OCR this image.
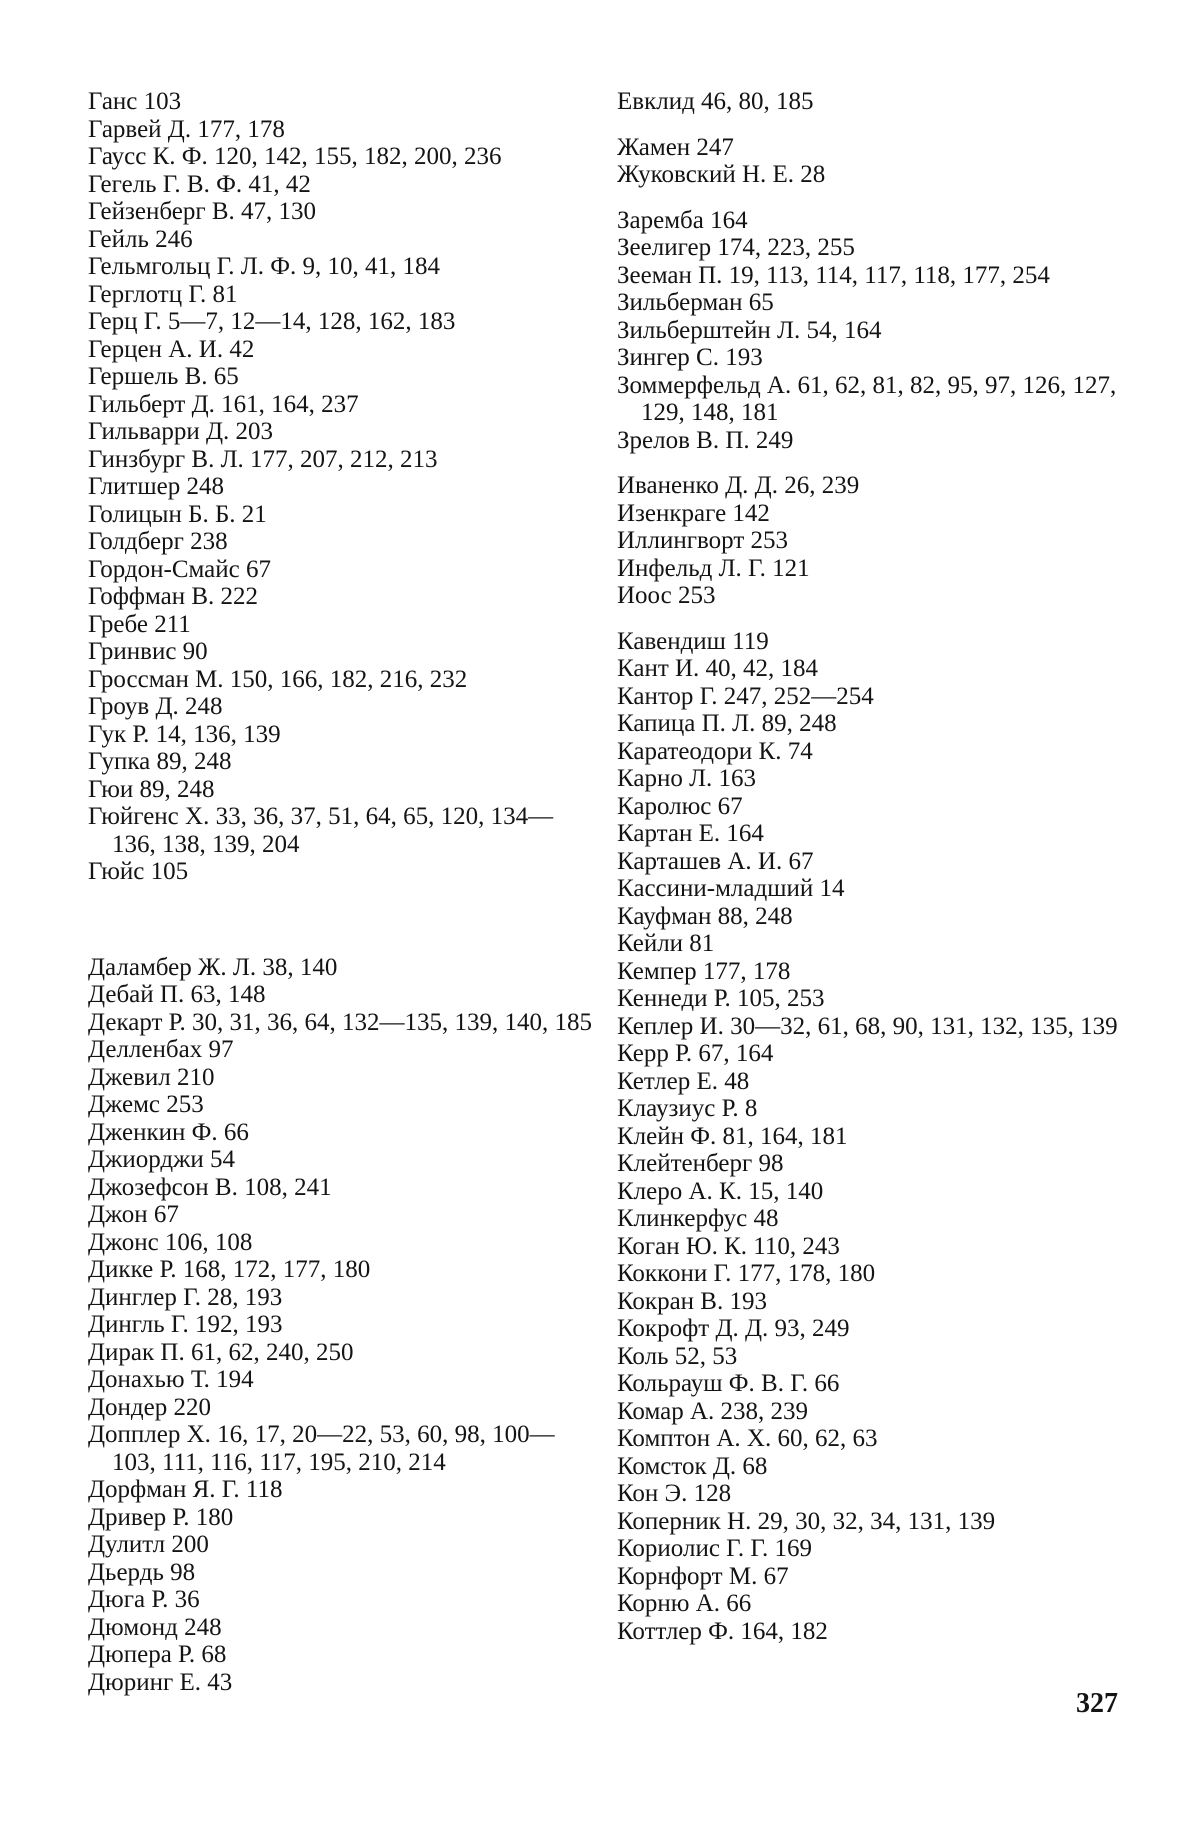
Ганс 103
Гарвей Д. 177, 178
Гаусс К. Ф. 120, 142, 155, 182, 200, 236
Гегель Г. В. Ф. 41, 42
Гейзенберг В. 47, 130
Гейль 246
Гельмгольц Г. Л. Ф. 9, 10, 41, 184
Герглотц Г. 81
Герц Г. 5—7, 12—14, 128, 162, 183
Герцен А. И. 42
Гершель В. 65
Гильберт Д. 161, 164, 237
Гильварри Д. 203
Гинзбург В. Л. 177, 207, 212, 213
Глитшер 248
Голицын Б. Б. 21
Голдберг 238
Гордон-Смайс 67
Гоффман В. 222
Гребе 211
Гринвис 90
Гроссман М. 150, 166, 182, 216, 232
Гроув Д. 248
Гук Р. 14, 136, 139
Гупка 89, 248
Гюи 89, 248
Гюйгенс Х. 33, 36, 37, 51, 64, 65, 120, 134—136, 138, 139, 204
Гюйс 105
Даламбер Ж. Л. 38, 140
Дебай П. 63, 148
Декарт Р. 30, 31, 36, 64, 132—135, 139, 140, 185
Делленбах 97
Джевил 210
Джемс 253
Дженкин Ф. 66
Джиорджи 54
Джозефсон В. 108, 241
Джон 67
Джонс 106, 108
Дикке Р. 168, 172, 177, 180
Динглер Г. 28, 193
Дингль Г. 192, 193
Дирак П. 61, 62, 240, 250
Донахью Т. 194
Дондер 220
Допплер Х. 16, 17, 20—22, 53, 60, 98, 100—103, 111, 116, 117, 195, 210, 214
Дорфман Я. Г. 118
Дривер Р. 180
Дулитл 200
Дьердь 98
Дюга Р. 36
Дюмонд 248
Дюпера Р. 68
Дюринг Е. 43
Евклид 46, 80, 185
Жамен 247
Жуковский Н. Е. 28
Заремба 164
Зеелигер 174, 223, 255
Зееман П. 19, 113, 114, 117, 118, 177, 254
Зильберман 65
Зильберштейн Л. 54, 164
Зингер С. 193
Зоммерфельд А. 61, 62, 81, 82, 95, 97, 126, 127, 129, 148, 181
Зрелов В. П. 249
Иваненко Д. Д. 26, 239
Изенкраге 142
Иллингворт 253
Инфельд Л. Г. 121
Иоос 253
Кавендиш 119
Кант И. 40, 42, 184
Кантор Г. 247, 252—254
Капица П. Л. 89, 248
Каратеодори К. 74
Карно Л. 163
Каролюс 67
Картан Е. 164
Карташев А. И. 67
Кассини-младший 14
Кауфман 88, 248
Кейли 81
Кемпер 177, 178
Кеннеди Р. 105, 253
Кеплер И. 30—32, 61, 68, 90, 131, 132, 135, 139
Керр Р. 67, 164
Кетлер Е. 48
Клаузиус Р. 8
Клейн Ф. 81, 164, 181
Клейтенберг 98
Клеро А. К. 15, 140
Клинкерфус 48
Коган Ю. К. 110, 243
Коккони Г. 177, 178, 180
Кокран В. 193
Кокрофт Д. Д. 93, 249
Коль 52, 53
Кольрауш Ф. В. Г. 66
Комар А. 238, 239
Комптон А. Х. 60, 62, 63
Комсток Д. 68
Кон Э. 128
Коперник Н. 29, 30, 32, 34, 131, 139
Кориолис Г. Г. 169
Корнфорт М. 67
Корню А. 66
Коттлер Ф. 164, 182
327
